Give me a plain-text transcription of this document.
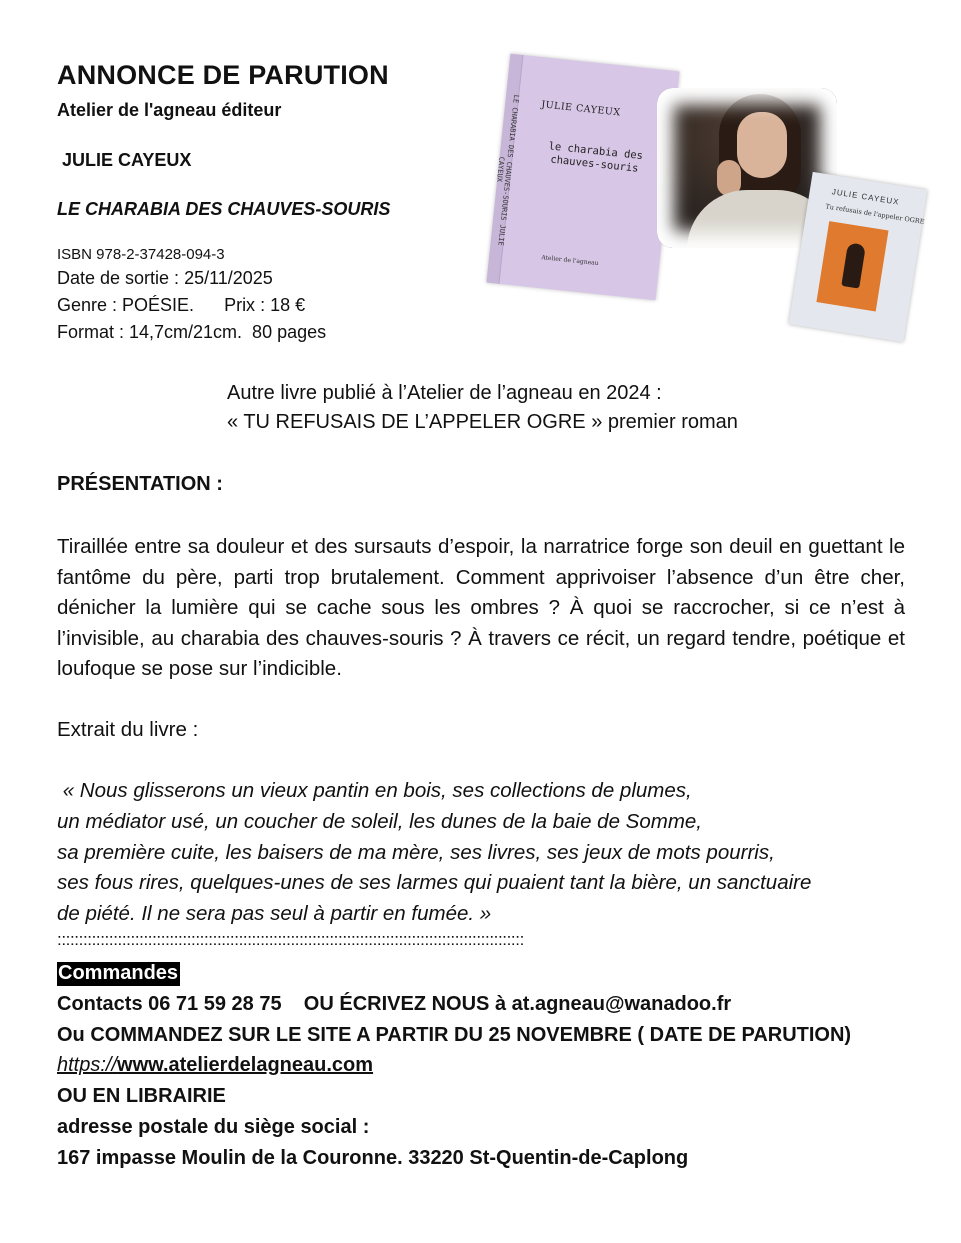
ANNONCE DE PARUTION
Atelier de l'agneau éditeur
JULIE CAYEUX
LE CHARABIA DES CHAUVES-SOURIS
ISBN 978-2-37428-094-3
Date de sortie : 25/11/2025
Genre : POÉSIE.      Prix : 18 €
Format : 14,7cm/21cm.  80 pages
LE CHARABIA DES CHAUVES-SOURIS JULIE CAYEUX
JULIE CAYEUX
le charabia des chauves-souris
Atelier de l'agneau
JULIE CAYEUX
Tu refusais de l'appeler OGRE
Autre livre publié à l’Atelier de l’agneau en 2024 :
« TU REFUSAIS DE L’APPELER OGRE » premier roman
PRÉSENTATION :

Tiraillée entre sa douleur et des sursauts d’espoir, la narratrice forge son deuil en guettant le fantôme du père, parti trop brutalement. Comment apprivoiser l’absence d’un être cher, dénicher la lumière qui se cache sous les ombres ? À quoi se raccrocher, si ce n’est à l’invisible, au charabia des chauves-souris ? À travers ce récit, un regard tendre, poétique et loufoque se pose sur l’indicible.

Extrait du livre :
« Nous glisserons un vieux pantin en bois, ses collections de plumes,
un médiator usé, un coucher de soleil, les dunes de la baie de Somme,
sa première cuite, les baisers de ma mère, ses livres, ses jeux de mots pourris,
ses fous rires, quelques-unes de ses larmes qui puaient tant la bière, un sanctuaire
de piété. Il ne sera pas seul à partir en fumée. »
::::::::::::::::::::::::::::::::::::::::::::::::::::::::::::::::::::::::::::::::::::::::::::::::::::::::::::
Commandes
Contacts 06 71 59 28 75    OU ÉCRIVEZ NOUS à at.agneau@wanadoo.fr
Ou COMMANDEZ SUR LE SITE A PARTIR DU 25 NOVEMBRE ( DATE DE PARUTION)
https://www.atelierdelagneau.com
OU EN LIBRAIRIE
adresse postale du siège social :
167 impasse Moulin de la Couronne. 33220 St-Quentin-de-Caplong
